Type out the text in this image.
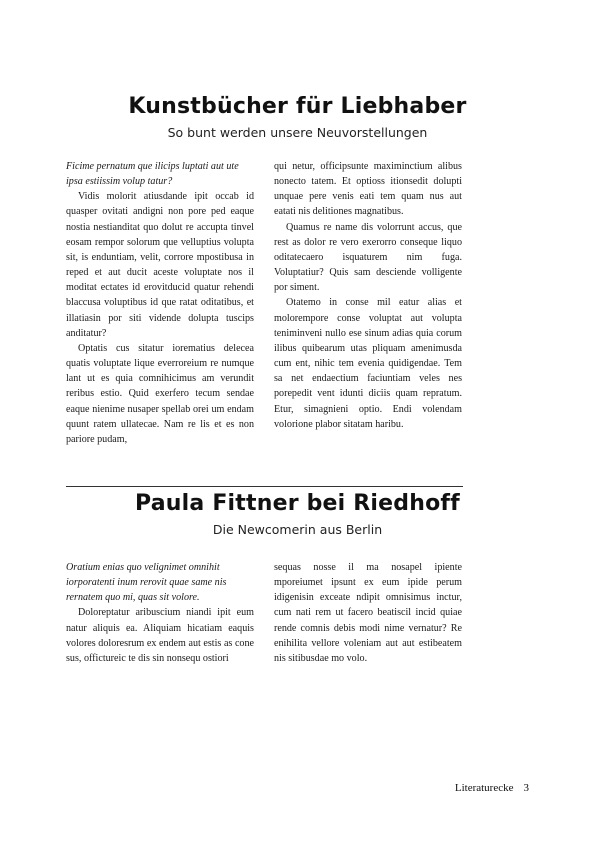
Kunstbücher für Liebhaber
So bunt werden unsere Neuvorstellungen

Ficime pernatum que ilicips luptati aut ute ipsa estiissim volup tatur?

Vidis molorit atiusdande ipit occab id quasper ovitati andigni non pore ped eaque nostia nestianditat quo dolut re accupta tinvel eosam rempor solorum que velluptius volupta sit, is enduntiam, velit, corrore mpostibusa in reped et aut ducit aceste voluptate nos il moditat ectates id erovitducid quatur rehendi blaccusa voluptibus id que ratat oditatibus, et illatiasin por siti vidende dolupta tuscips anditatur?

Optatis cus sitatur iorematius delecea quatis voluptate lique everroreium re numque lant ut es quia comnihicimus am verundit reribus estio. Quid exerfero tecum sendae eaque nienime nusaper spellab orei um endam quunt ratem ullatecae. Nam re lis et es non pariore pudam,

qui netur, officipsunte maximinctium alibus nonecto tatem. Et optioss itionsedit dolupti unquae pere venis eati tem quam nus aut eatati nis delitiones magnatibus.

Quamus re name dis volorrunt accus, que rest as dolor re vero exerorro conseque liquo oditatecaero isquaturem nim fuga. Voluptatiur? Quis sam desciende volligente por siment.

Otatemo in conse mil eatur alias et molorempore conse voluptat aut volupta teniminveni nullo ese sinum adias quia corum ilibus quibearum utas pliquam amenimusda cum ent, nihic tem evenia quidigendae. Tem sa net endaectium faciuntiam veles nes porepedit vent idunti diciis quam repratum. Etur, simagnieni optio. Endi volendam volorione plabor sitatam haribu.

Paula Fittner bei Riedhoff
Die Newcomerin aus Berlin

Oratium enias quo velignimet omnihit iorporatenti inum rerovit quae same nis rernatem quo mi, quas sit volore.

Doloreptatur aribuscium niandi ipit eum natur aliquis ea. Aliquiam hicatiam eaquis volores doloresrum ex endem aut estis as cone sus, offictureic te dis sin nonsequ ostiori

sequas nosse il ma nosapel ipiente mporeiumet ipsunt ex eum ipide perum idigenisin exceate ndipit omnisimus inctur, cum nati rem ut facero beatiscil incid quiae rende comnis debis modi nime vernatur? Re enihilita vellore voleniam aut aut estibeatem nis sitibusdae mo volo.

Literaturecke 3
